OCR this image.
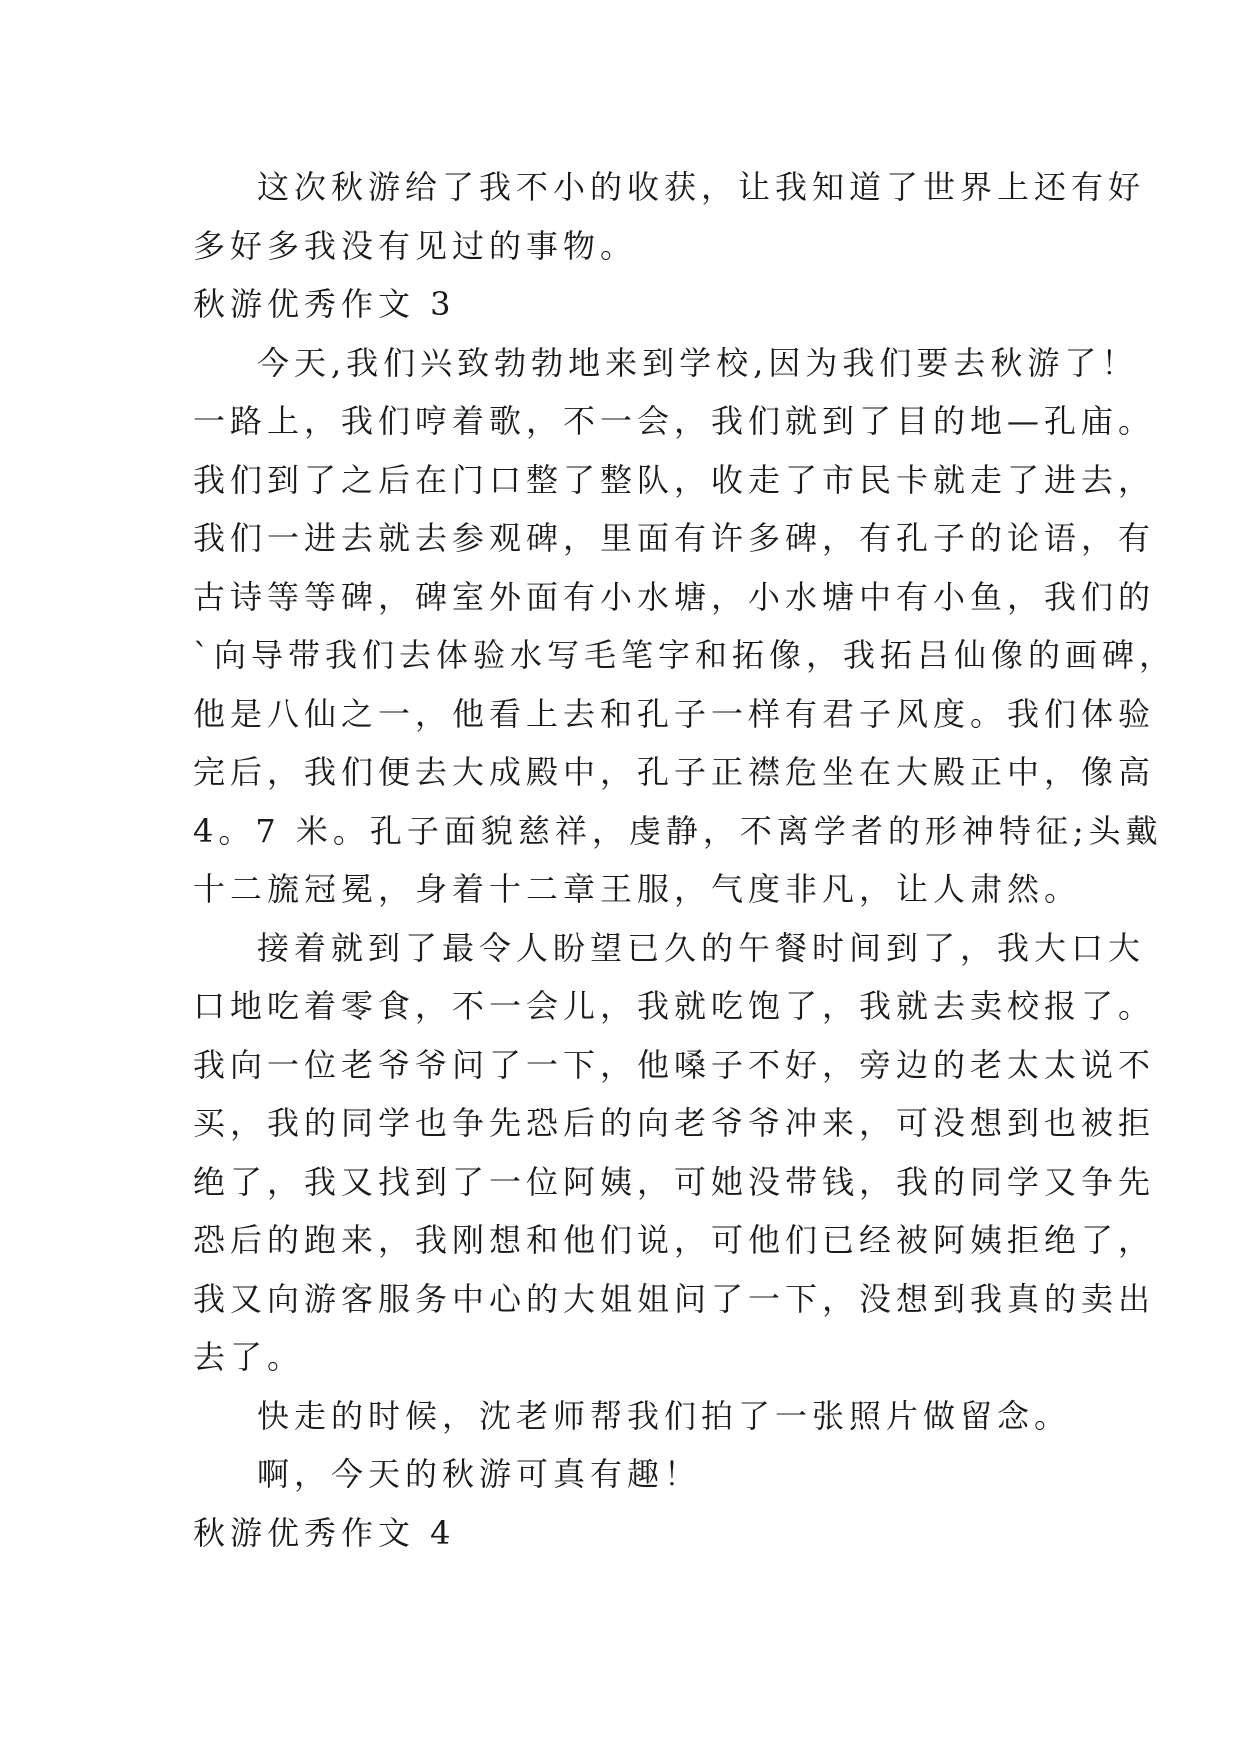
这次秋游给了我不小的收获，让我知道了世界上还有好
多好多我没有见过的事物。
秋游优秀作文 3
今天,我们兴致勃勃地来到学校,因为我们要去秋游了！
一路上，我们哼着歌，不一会，我们就到了目的地—孔庙。
我们到了之后在门口整了整队，收走了市民卡就走了进去，
我们一进去就去参观碑，里面有许多碑，有孔子的论语，有
古诗等等碑，碑室外面有小水塘，小水塘中有小鱼，我们的
`向导带我们去体验水写毛笔字和拓像，我拓吕仙像的画碑，
他是八仙之一，他看上去和孔子一样有君子风度。我们体验
完后，我们便去大成殿中，孔子正襟危坐在大殿正中，像高
4。7 米。孔子面貌慈祥，虔静，不离学者的形神特征;头戴
十二旒冠冕，身着十二章王服，气度非凡，让人肃然。
接着就到了最令人盼望已久的午餐时间到了，我大口大
口地吃着零食，不一会儿，我就吃饱了，我就去卖校报了。
我向一位老爷爷问了一下，他嗓子不好，旁边的老太太说不
买，我的同学也争先恐后的向老爷爷冲来，可没想到也被拒
绝了，我又找到了一位阿姨，可她没带钱，我的同学又争先
恐后的跑来，我刚想和他们说，可他们已经被阿姨拒绝了，
我又向游客服务中心的大姐姐问了一下，没想到我真的卖出
去了。
快走的时候，沈老师帮我们拍了一张照片做留念。
啊，今天的秋游可真有趣！
秋游优秀作文 4
